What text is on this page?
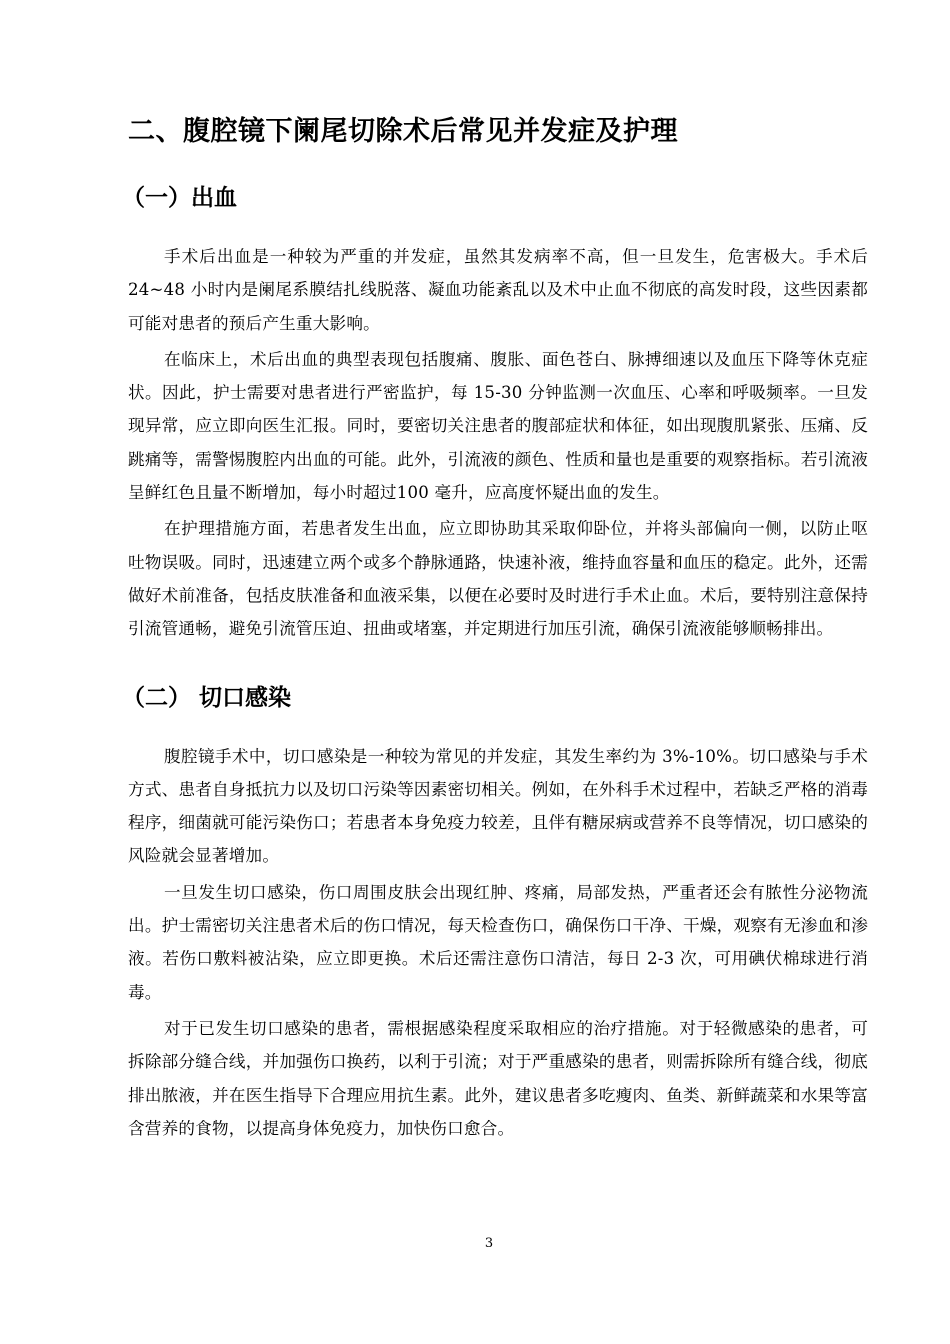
二、腹腔镜下阑尾切除术后常见并发症及护理
（一）出血

手术后出血是一种较为严重的并发症，虽然其发病率不高，但一旦发生，危害极大。手术后 24~48 小时内是阑尾系膜结扎线脱落、凝血功能紊乱以及术中止血不彻底的高发时段，这些因素都可能对患者的预后产生重大影响。

在临床上，术后出血的典型表现包括腹痛、腹胀、面色苍白、脉搏细速以及血压下降等休克症状。因此，护士需要对患者进行严密监护，每 15-30 分钟监测一次血压、心率和呼吸频率。一旦发现异常，应立即向医生汇报。同时，要密切关注患者的腹部症状和体征，如出现腹肌紧张、压痛、反跳痛等，需警惕腹腔内出血的可能。此外，引流液的颜色、性质和量也是重要的观察指标。若引流液呈鲜红色且量不断增加，每小时超过100 毫升，应高度怀疑出血的发生。

在护理措施方面，若患者发生出血，应立即协助其采取仰卧位，并将头部偏向一侧，以防止呕吐物误吸。同时，迅速建立两个或多个静脉通路，快速补液，维持血容量和血压的稳定。此外，还需做好术前准备，包括皮肤准备和血液采集，以便在必要时及时进行手术止血。术后，要特别注意保持引流管通畅，避免引流管压迫、扭曲或堵塞，并定期进行加压引流，确保引流液能够顺畅排出。

（二） 切口感染

腹腔镜手术中，切口感染是一种较为常见的并发症，其发生率约为 3%-10%。切口感染与手术方式、患者自身抵抗力以及切口污染等因素密切相关。例如，在外科手术过程中，若缺乏严格的消毒程序，细菌就可能污染伤口；若患者本身免疫力较差，且伴有糖尿病或营养不良等情况，切口感染的风险就会显著增加。

一旦发生切口感染，伤口周围皮肤会出现红肿、疼痛，局部发热，严重者还会有脓性分泌物流出。护士需密切关注患者术后的伤口情况，每天检查伤口，确保伤口干净、干燥，观察有无渗血和渗液。若伤口敷料被沾染，应立即更换。术后还需注意伤口清洁，每日 2-3 次，可用碘伏棉球进行消毒。

对于已发生切口感染的患者，需根据感染程度采取相应的治疗措施。对于轻微感染的患者，可拆除部分缝合线，并加强伤口换药，以利于引流；对于严重感染的患者，则需拆除所有缝合线，彻底排出脓液，并在医生指导下合理应用抗生素。此外，建议患者多吃瘦肉、鱼类、新鲜蔬菜和水果等富含营养的食物，以提高身体免疫力，加快伤口愈合。

3
